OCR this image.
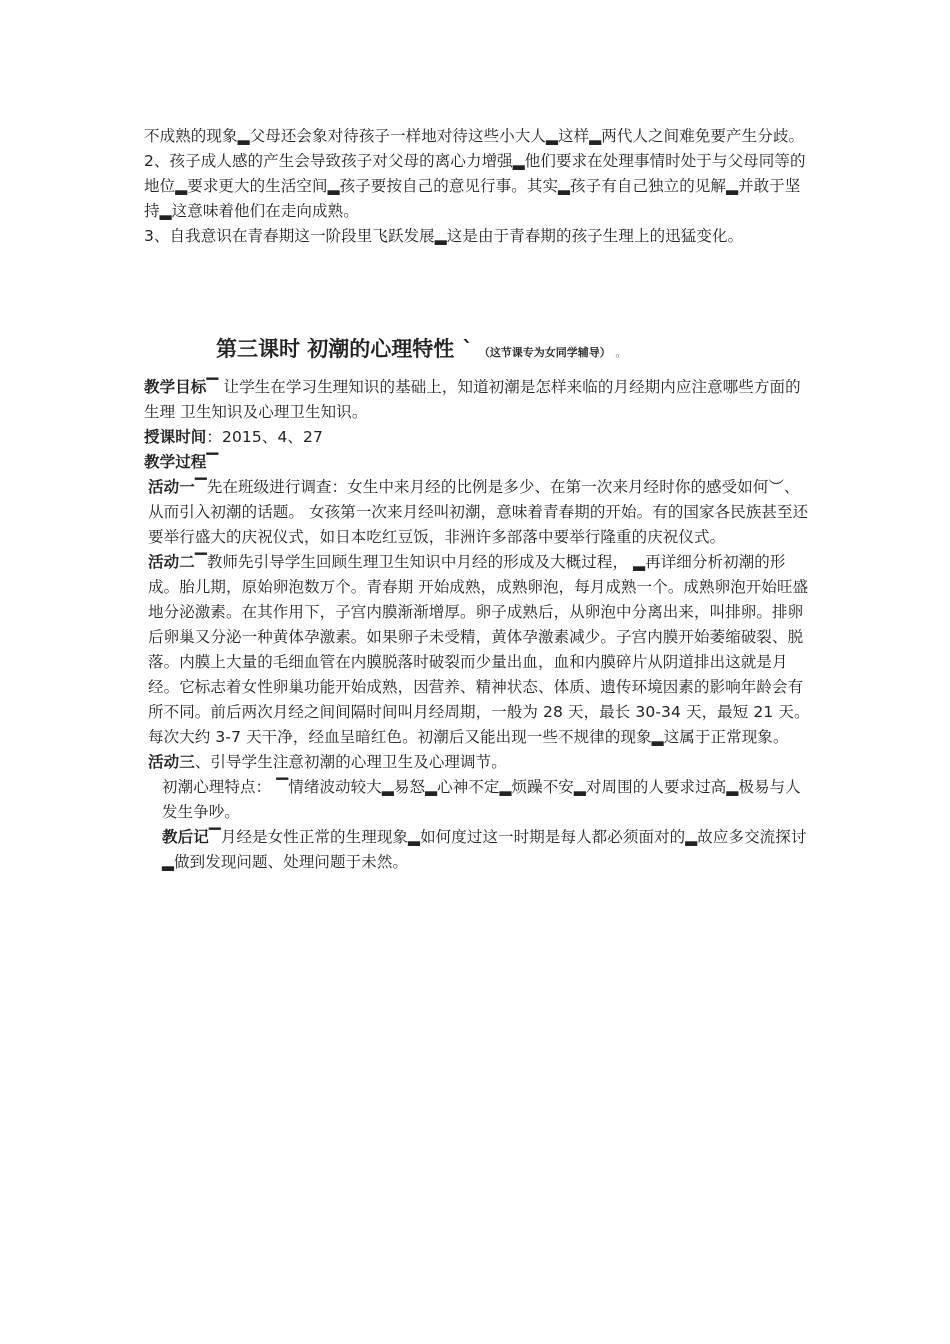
不成熟的现象▂父母还会象对待孩子一样地对待这些小大人▂这样▂两代人之间难免要产生分歧。

2、孩子成人感的产生会导致孩子对父母的离心力增强▂他们要求在处理事情时处于与父母同等的地位▂要求更大的生活空间▂孩子要按自己的意见行事。其实▂孩子有自己独立的见解▂并敢于坚持▂这意味着他们在走向成熟。

3、自我意识在青春期这一阶段里飞跃发展▂这是由于青春期的孩子生理上的迅猛变化。

第三课时 初潮的心理特性 ` （这节课专为女同学辅导） 。

教学目标▔ 让学生在学习生理知识的基础上，知道初潮是怎样来临的月经期内应注意哪些方面的生理 卫生知识及心理卫生知识。

授课时间：2015、4、27

教学过程▔

活动一▔先在班级进行调查：女生中来月经的比例是多少、在第一次来月经时你的感受如何︶、从而引入初潮的话题。 女孩第一次来月经叫初潮，意味着青春期的开始。有的国家各民族甚至还要举行盛大的庆祝仪式，如日本吃红豆饭，非洲许多部落中要举行隆重的庆祝仪式。

活动二▔教师先引导学生回顾生理卫生知识中月经的形成及大概过程， ▂再详细分析初潮的形成。胎儿期，原始卵泡数万个。青春期 开始成熟，成熟卵泡，每月成熟一个。成熟卵泡开始旺盛地分泌激素。在其作用下，子宫内膜渐渐增厚。卵子成熟后，从卵泡中分离出来，叫排卵。排卵后卵巢又分泌一种黄体孕激素。如果卵子未受精，黄体孕激素减少。子宫内膜开始萎缩破裂、脱落。内膜上大量的毛细血管在内膜脱落时破裂而少量出血，血和内膜碎片从阴道排出这就是月经。它标志着女性卵巢功能开始成熟，因营养、精神状态、体质、遗传环境因素的影响年龄会有所不同。前后两次月经之间间隔时间叫月经周期，一般为 28 天，最长 30-34 天，最短 21 天。每次大约 3-7 天干净，经血呈暗红色。初潮后又能出现一些不规律的现象▂这属于正常现象。

活动三、引导学生注意初潮的心理卫生及心理调节。

初潮心理特点： ▔情绪波动较大▂易怒▂心神不定▂烦躁不安▂对周围的人要求过高▂极易与人发生争吵。

教后记▔月经是女性正常的生理现象▂如何度过这一时期是每人都必须面对的▂故应多交流探讨▂做到发现问题、处理问题于未然。
